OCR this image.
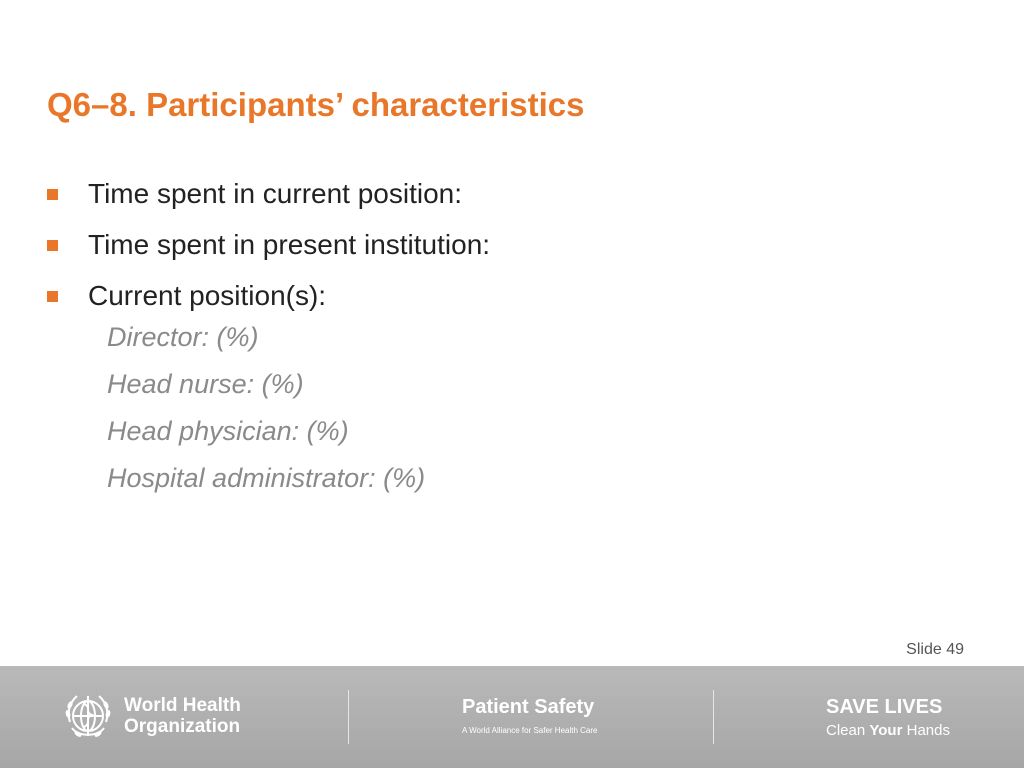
Q6–8. Participants’ characteristics
Time spent in current position:
Time spent in present institution:
Current position(s):
Director: (%)
Head nurse: (%)
Head physician: (%)
Hospital administrator: (%)
Slide 49
World Health
Organization
Patient Safety
A World Alliance for Safer Health Care
SAVE LIVES
Clean Your Hands
